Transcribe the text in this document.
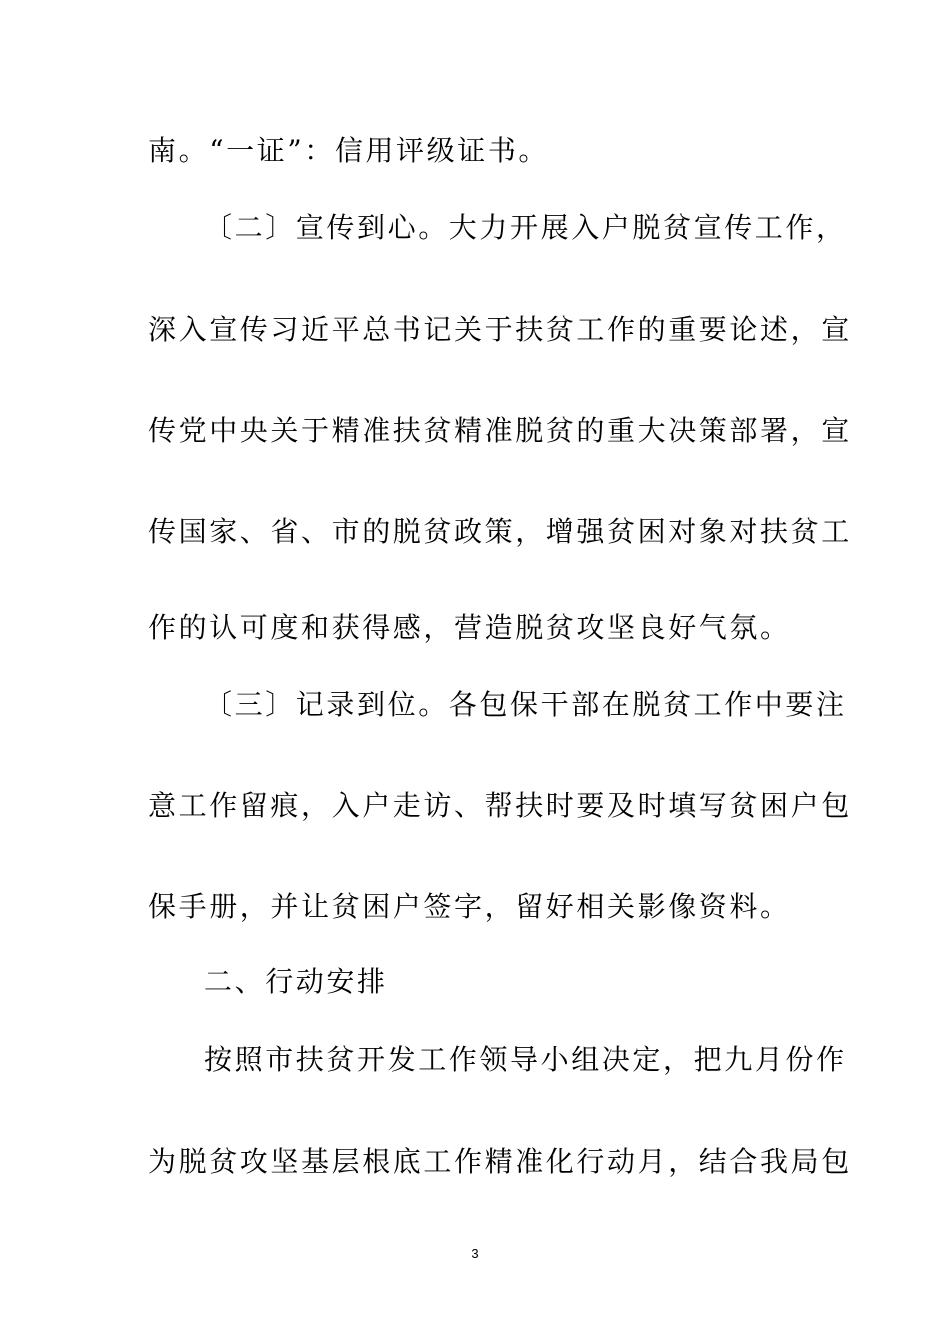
南。“一证”：信用评级证书。
〔二〕宣传到心。大力开展入户脱贫宣传工作，
深入宣传习近平总书记关于扶贫工作的重要论述，宣
传党中央关于精准扶贫精准脱贫的重大决策部署，宣
传国家、省、市的脱贫政策，增强贫困对象对扶贫工
作的认可度和获得感，营造脱贫攻坚良好气氛。
〔三〕记录到位。各包保干部在脱贫工作中要注
意工作留痕，入户走访、帮扶时要及时填写贫困户包
保手册，并让贫困户签字，留好相关影像资料。
二、行动安排
按照市扶贫开发工作领导小组决定，把九月份作
为脱贫攻坚基层根底工作精准化行动月，结合我局包
3
